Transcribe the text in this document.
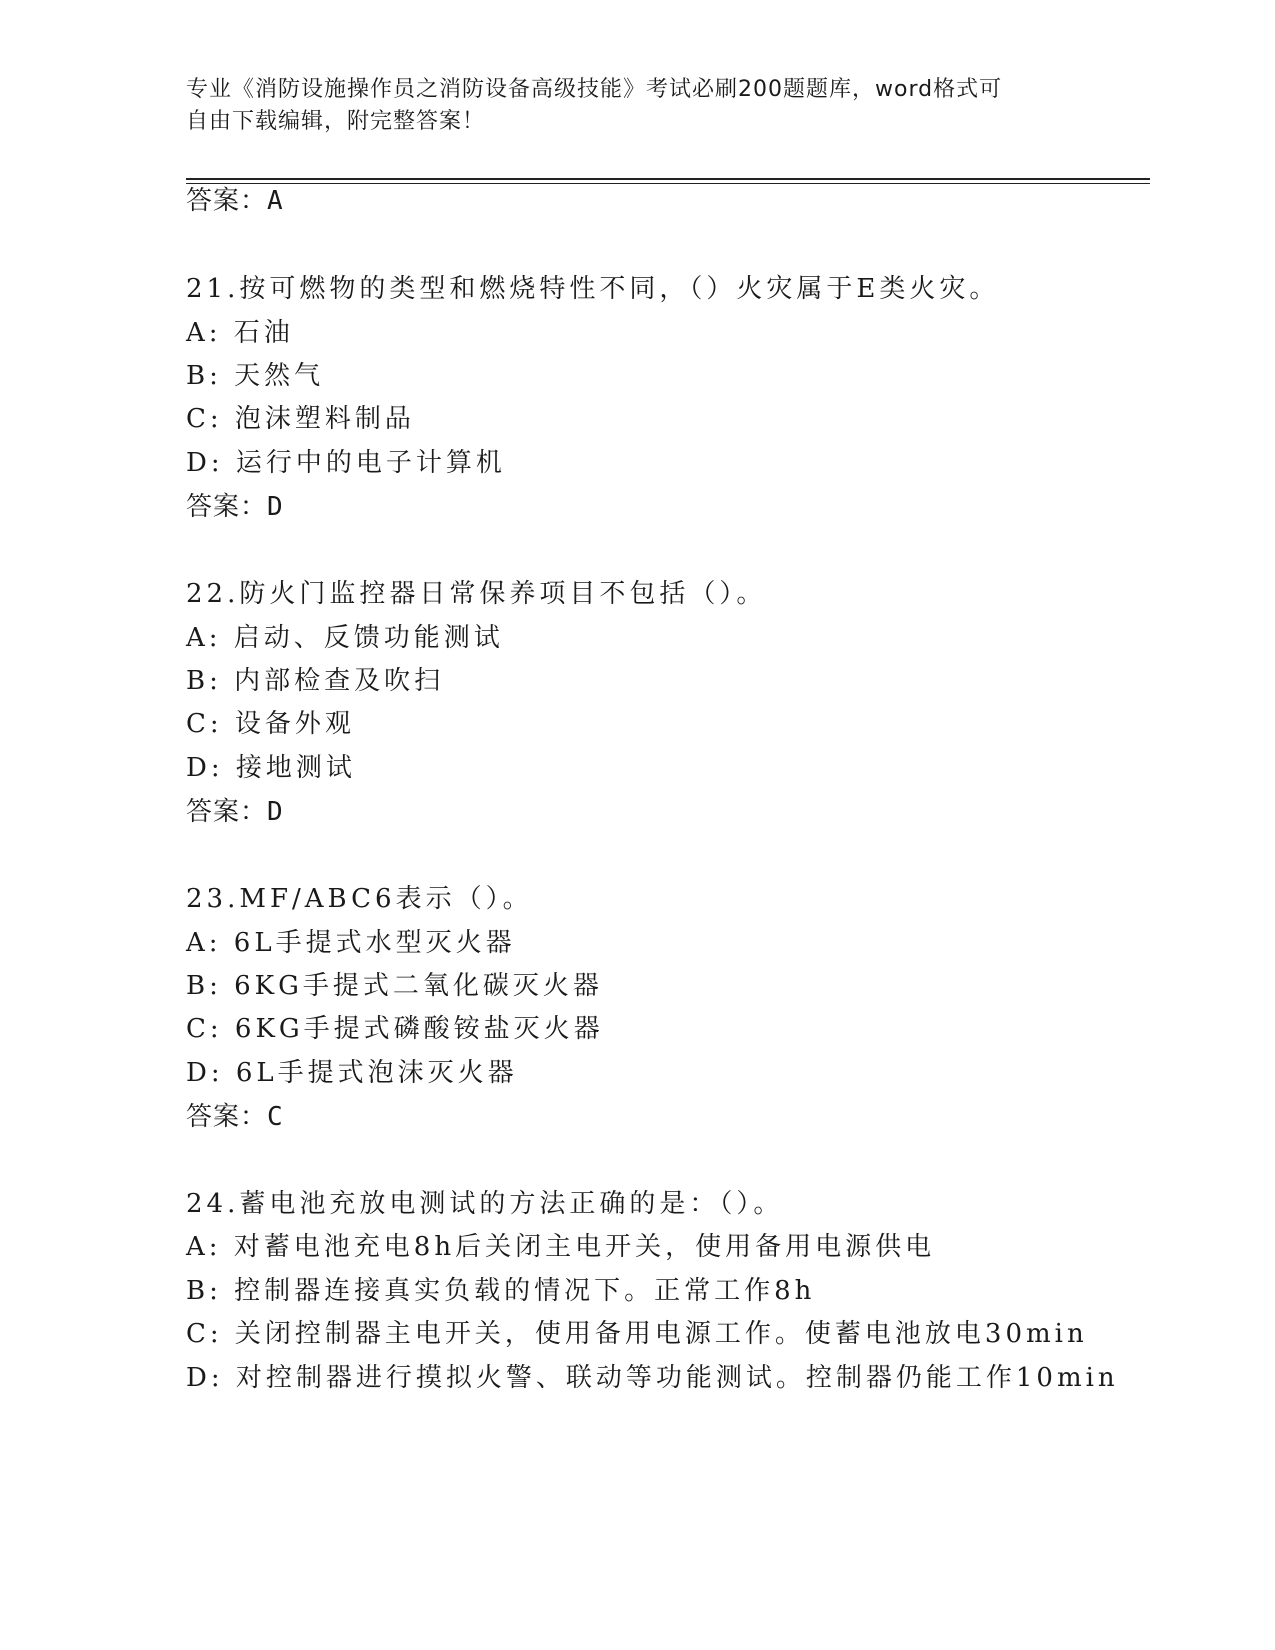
专业《消防设施操作员之消防设备高级技能》考试必刷200题题库，word格式可
自由下载编辑，附完整答案！

答案：A

21.按可燃物的类型和燃烧特性不同，（）火灾属于E类火灾。

A: 石油

B: 天然气

C: 泡沫塑料制品

D: 运行中的电子计算机

答案：D

22.防火门监控器日常保养项目不包括（）。

A: 启动、反馈功能测试

B: 内部检查及吹扫

C: 设备外观

D: 接地测试

答案：D

23.MF/ABC6表示（）。

A: 6L手提式水型灭火器

B: 6KG手提式二氧化碳灭火器

C: 6KG手提式磷酸铵盐灭火器

D: 6L手提式泡沫灭火器

答案：C

24.蓄电池充放电测试的方法正确的是：（）。

A: 对蓄电池充电8h后关闭主电开关，使用备用电源供电

B: 控制器连接真实负载的情况下。正常工作8h

C: 关闭控制器主电开关，使用备用电源工作。使蓄电池放电30min

D: 对控制器进行摸拟火警、联动等功能测试。控制器仍能工作10min
